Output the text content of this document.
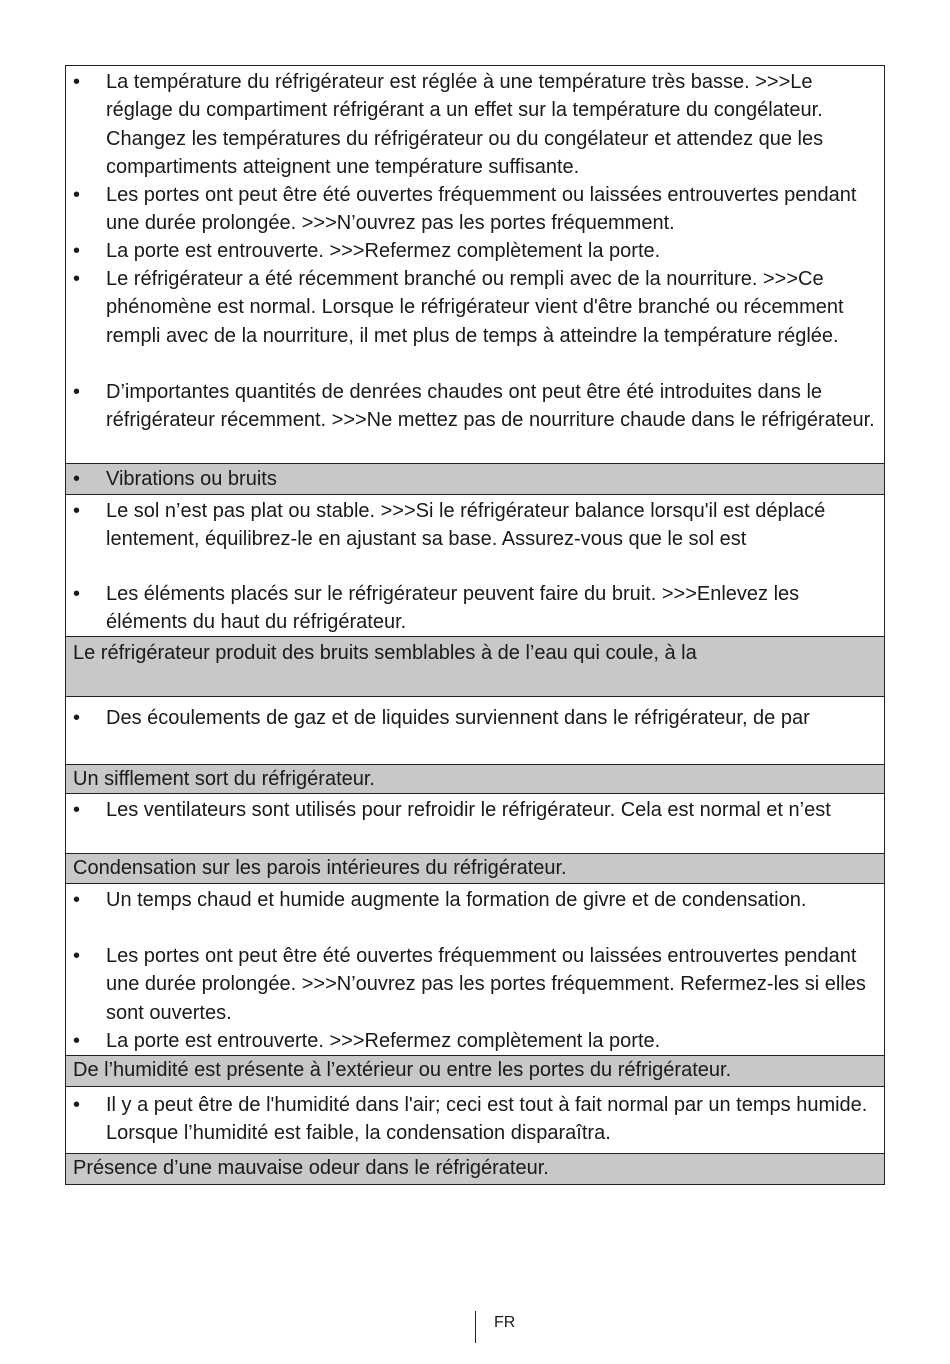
• La température du réfrigérateur est réglée à une température très basse. >>>Le réglage du compartiment réfrigérant a un effet sur la température du congélateur. Changez les températures du réfrigérateur ou du congélateur et attendez que les compartiments atteignent une température suffisante.
• Les portes ont peut être été ouvertes fréquemment ou laissées entrouvertes pendant une durée prolongée. >>>N’ouvrez pas les portes fréquemment.
• La porte est entrouverte. >>>Refermez complètement la porte.
• Le réfrigérateur a été récemment branché ou rempli avec de la nourriture. >>>Ce phénomène est normal. Lorsque le réfrigérateur vient d'être branché ou récemment rempli avec de la nourriture, il met plus de temps à atteindre la température réglée.
• D’importantes quantités de denrées chaudes ont peut être été introduites dans le réfrigérateur récemment. >>>Ne mettez pas de nourriture chaude dans le réfrigérateur.
• Vibrations ou bruits
• Le sol n’est pas plat ou stable. >>>Si le réfrigérateur balance lorsqu'il est déplacé lentement, équilibrez-le en ajustant sa base. Assurez-vous que le sol est
• Les éléments placés sur le réfrigérateur peuvent faire du bruit. >>>Enlevez les éléments du haut du réfrigérateur.
Le réfrigérateur produit des bruits semblables à de l’eau qui coule, à la
• Des écoulements de gaz et de liquides surviennent dans le réfrigérateur, de par
Un sifflement sort du réfrigérateur.
• Les ventilateurs sont utilisés pour refroidir le réfrigérateur. Cela est normal et n’est
Condensation sur les parois intérieures du réfrigérateur.
• Un temps chaud et humide augmente la formation de givre et de condensation.
• Les portes ont peut être été ouvertes fréquemment ou laissées entrouvertes pendant une durée prolongée. >>>N’ouvrez pas les portes fréquemment. Refermez-les si elles sont ouvertes.
• La porte est entrouverte. >>>Refermez complètement la porte.
De l’humidité est présente à l’extérieur ou entre les portes du réfrigérateur.
• Il y a peut être de l'humidité dans l'air; ceci est tout à fait normal par un temps humide. Lorsque l’humidité est faible, la condensation disparaîtra.
Présence d’une mauvaise odeur dans le réfrigérateur.
FR
